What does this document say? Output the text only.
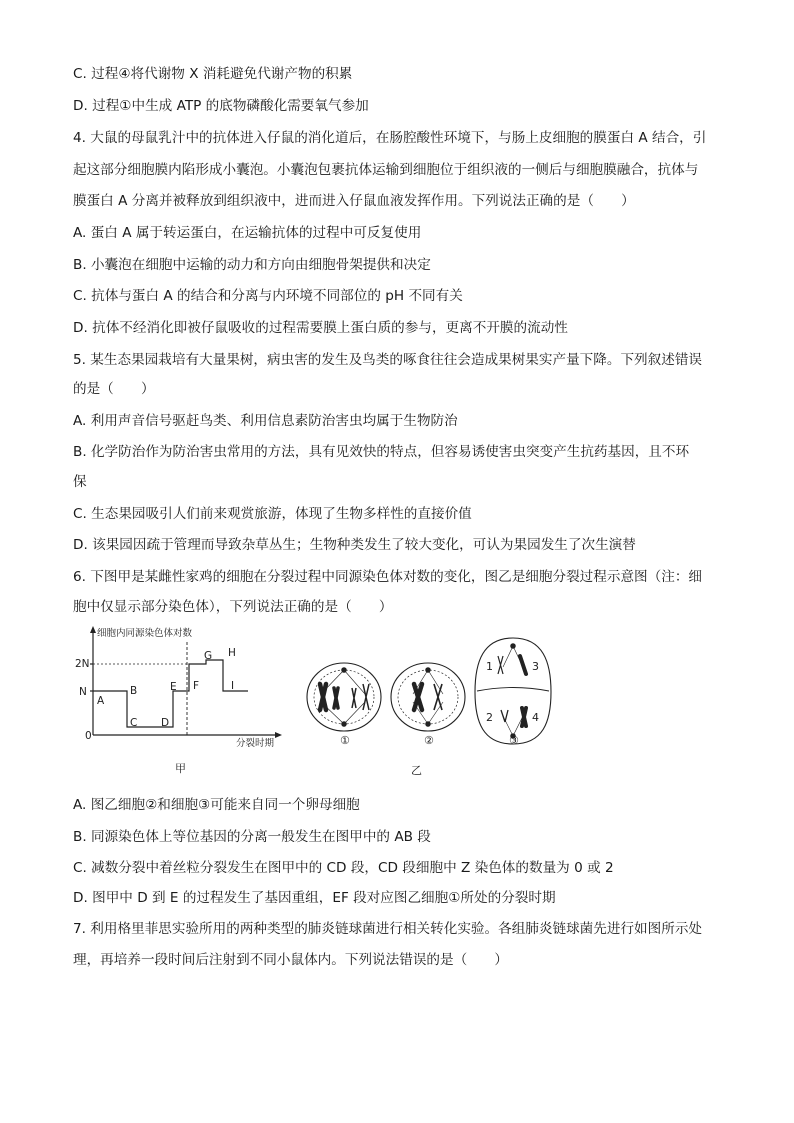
C. 过程④将代谢物 X 消耗避免代谢产物的积累
D. 过程①中生成 ATP 的底物磷酸化需要氧气参加
4. 大鼠的母鼠乳汁中的抗体进入仔鼠的消化道后，在肠腔酸性环境下，与肠上皮细胞的膜蛋白 A 结合，引
起这部分细胞膜内陷形成小囊泡。小囊泡包裹抗体运输到细胞位于组织液的一侧后与细胞膜融合，抗体与
膜蛋白 A 分离并被释放到组织液中，进而进入仔鼠血液发挥作用。下列说法正确的是（　　）
A. 蛋白 A 属于转运蛋白，在运输抗体的过程中可反复使用
B. 小囊泡在细胞中运输的动力和方向由细胞骨架提供和决定
C. 抗体与蛋白 A 的结合和分离与内环境不同部位的 pH 不同有关
D. 抗体不经消化即被仔鼠吸收的过程需要膜上蛋白质的参与，更离不开膜的流动性
5. 某生态果园栽培有大量果树，病虫害的发生及鸟类的啄食往往会造成果树果实产量下降。下列叙述错误
的是（　　）
A. 利用声音信号驱赶鸟类、利用信息素防治害虫均属于生物防治
B. 化学防治作为防治害虫常用的方法，具有见效快的特点，但容易诱使害虫突变产生抗药基因，且不环
保
C. 生态果园吸引人们前来观赏旅游，体现了生物多样性的直接价值
D. 该果园因疏于管理而导致杂草丛生；生物种类发生了较大变化，可认为果园发生了次生演替
6. 下图甲是某雌性家鸡的细胞在分裂过程中同源染色体对数的变化，图乙是细胞分裂过程示意图（注：细
胞中仅显示部分染色体），下列说法正确的是（　　）
细胞内同源染色体对数
2N
N
0
分裂时期
A
B
C D
E F
G H
I
甲
①	②
1
2
3
4
③
乙
A. 图乙细胞②和细胞③可能来自同一个卵母细胞
B. 同源染色体上等位基因的分离一般发生在图甲中的 AB 段
C. 减数分裂中着丝粒分裂发生在图甲中的 CD 段，CD 段细胞中 Z 染色体的数量为 0 或 2
D. 图甲中 D 到 E 的过程发生了基因重组，EF 段对应图乙细胞①所处的分裂时期
7. 利用格里菲思实验所用的两种类型的肺炎链球菌进行相关转化实验。各组肺炎链球菌先进行如图所示处
理，再培养一段时间后注射到不同小鼠体内。下列说法错误的是（　　）
